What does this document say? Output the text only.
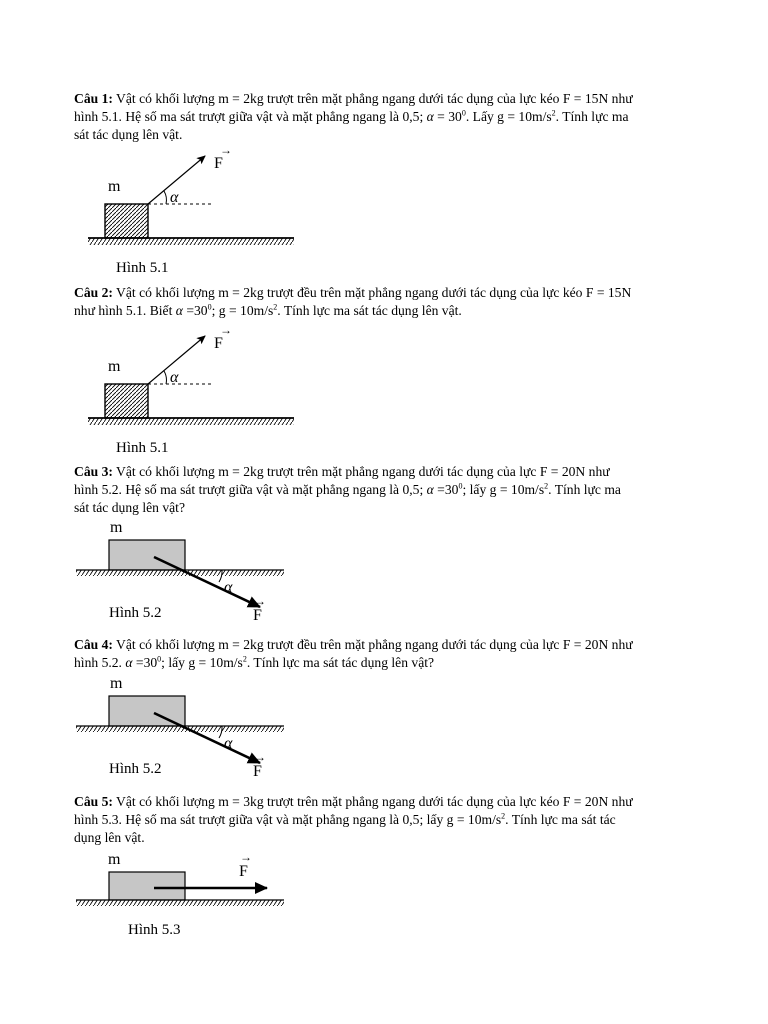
Câu 1: Vật có khối lượng m = 2kg trượt trên mặt phẳng ngang dưới tác dụng của lực kéo F = 15N như
hình 5.1. Hệ số ma sát trượt giữa vật và mặt phẳng ngang là 0,5; $\alpha = 30^0$. Lấy $g = 10m/s^2$. Tính lực ma
sát tác dụng lên vật.
→
F
m
α
Hình 5.1
Câu 2: Vật có khối lượng m = 2kg trượt đều trên mặt phẳng ngang dưới tác dụng của lực kéo F = 15N
như hình 5.1. Biết $\alpha =30^0$; $g = 10m/s^2$. Tính lực ma sát tác dụng lên vật.
→
F
m
α
Hình 5.1
Câu 3: Vật có khối lượng m = 2kg trượt trên mặt phẳng ngang dưới tác dụng của lực F = 20N như
hình 5.2. Hệ số ma sát trượt giữa vật và mặt phẳng ngang là 0,5; $\alpha =30^0$; lấy $g = 10m/s^2$. Tính lực ma
sát tác dụng lên vật?
m
α
→
F
Hình 5.2
Câu 4: Vật có khối lượng m = 2kg trượt đều trên mặt phẳng ngang dưới tác dụng của lực F = 20N như
hình 5.2. $\alpha =30^0$; lấy $g = 10m/s^2$. Tính lực ma sát tác dụng lên vật?
m
α
→
F
Hình 5.2
Câu 5: Vật có khối lượng m = 3kg trượt trên mặt phẳng ngang dưới tác dụng của lực kéo F = 20N như
hình 5.3. Hệ số ma sát trượt giữa vật và mặt phẳng ngang là 0,5; lấy $g = 10m/s^2$. Tính lực ma sát tác
dụng lên vật.
m	→
F
Hình 5.3
